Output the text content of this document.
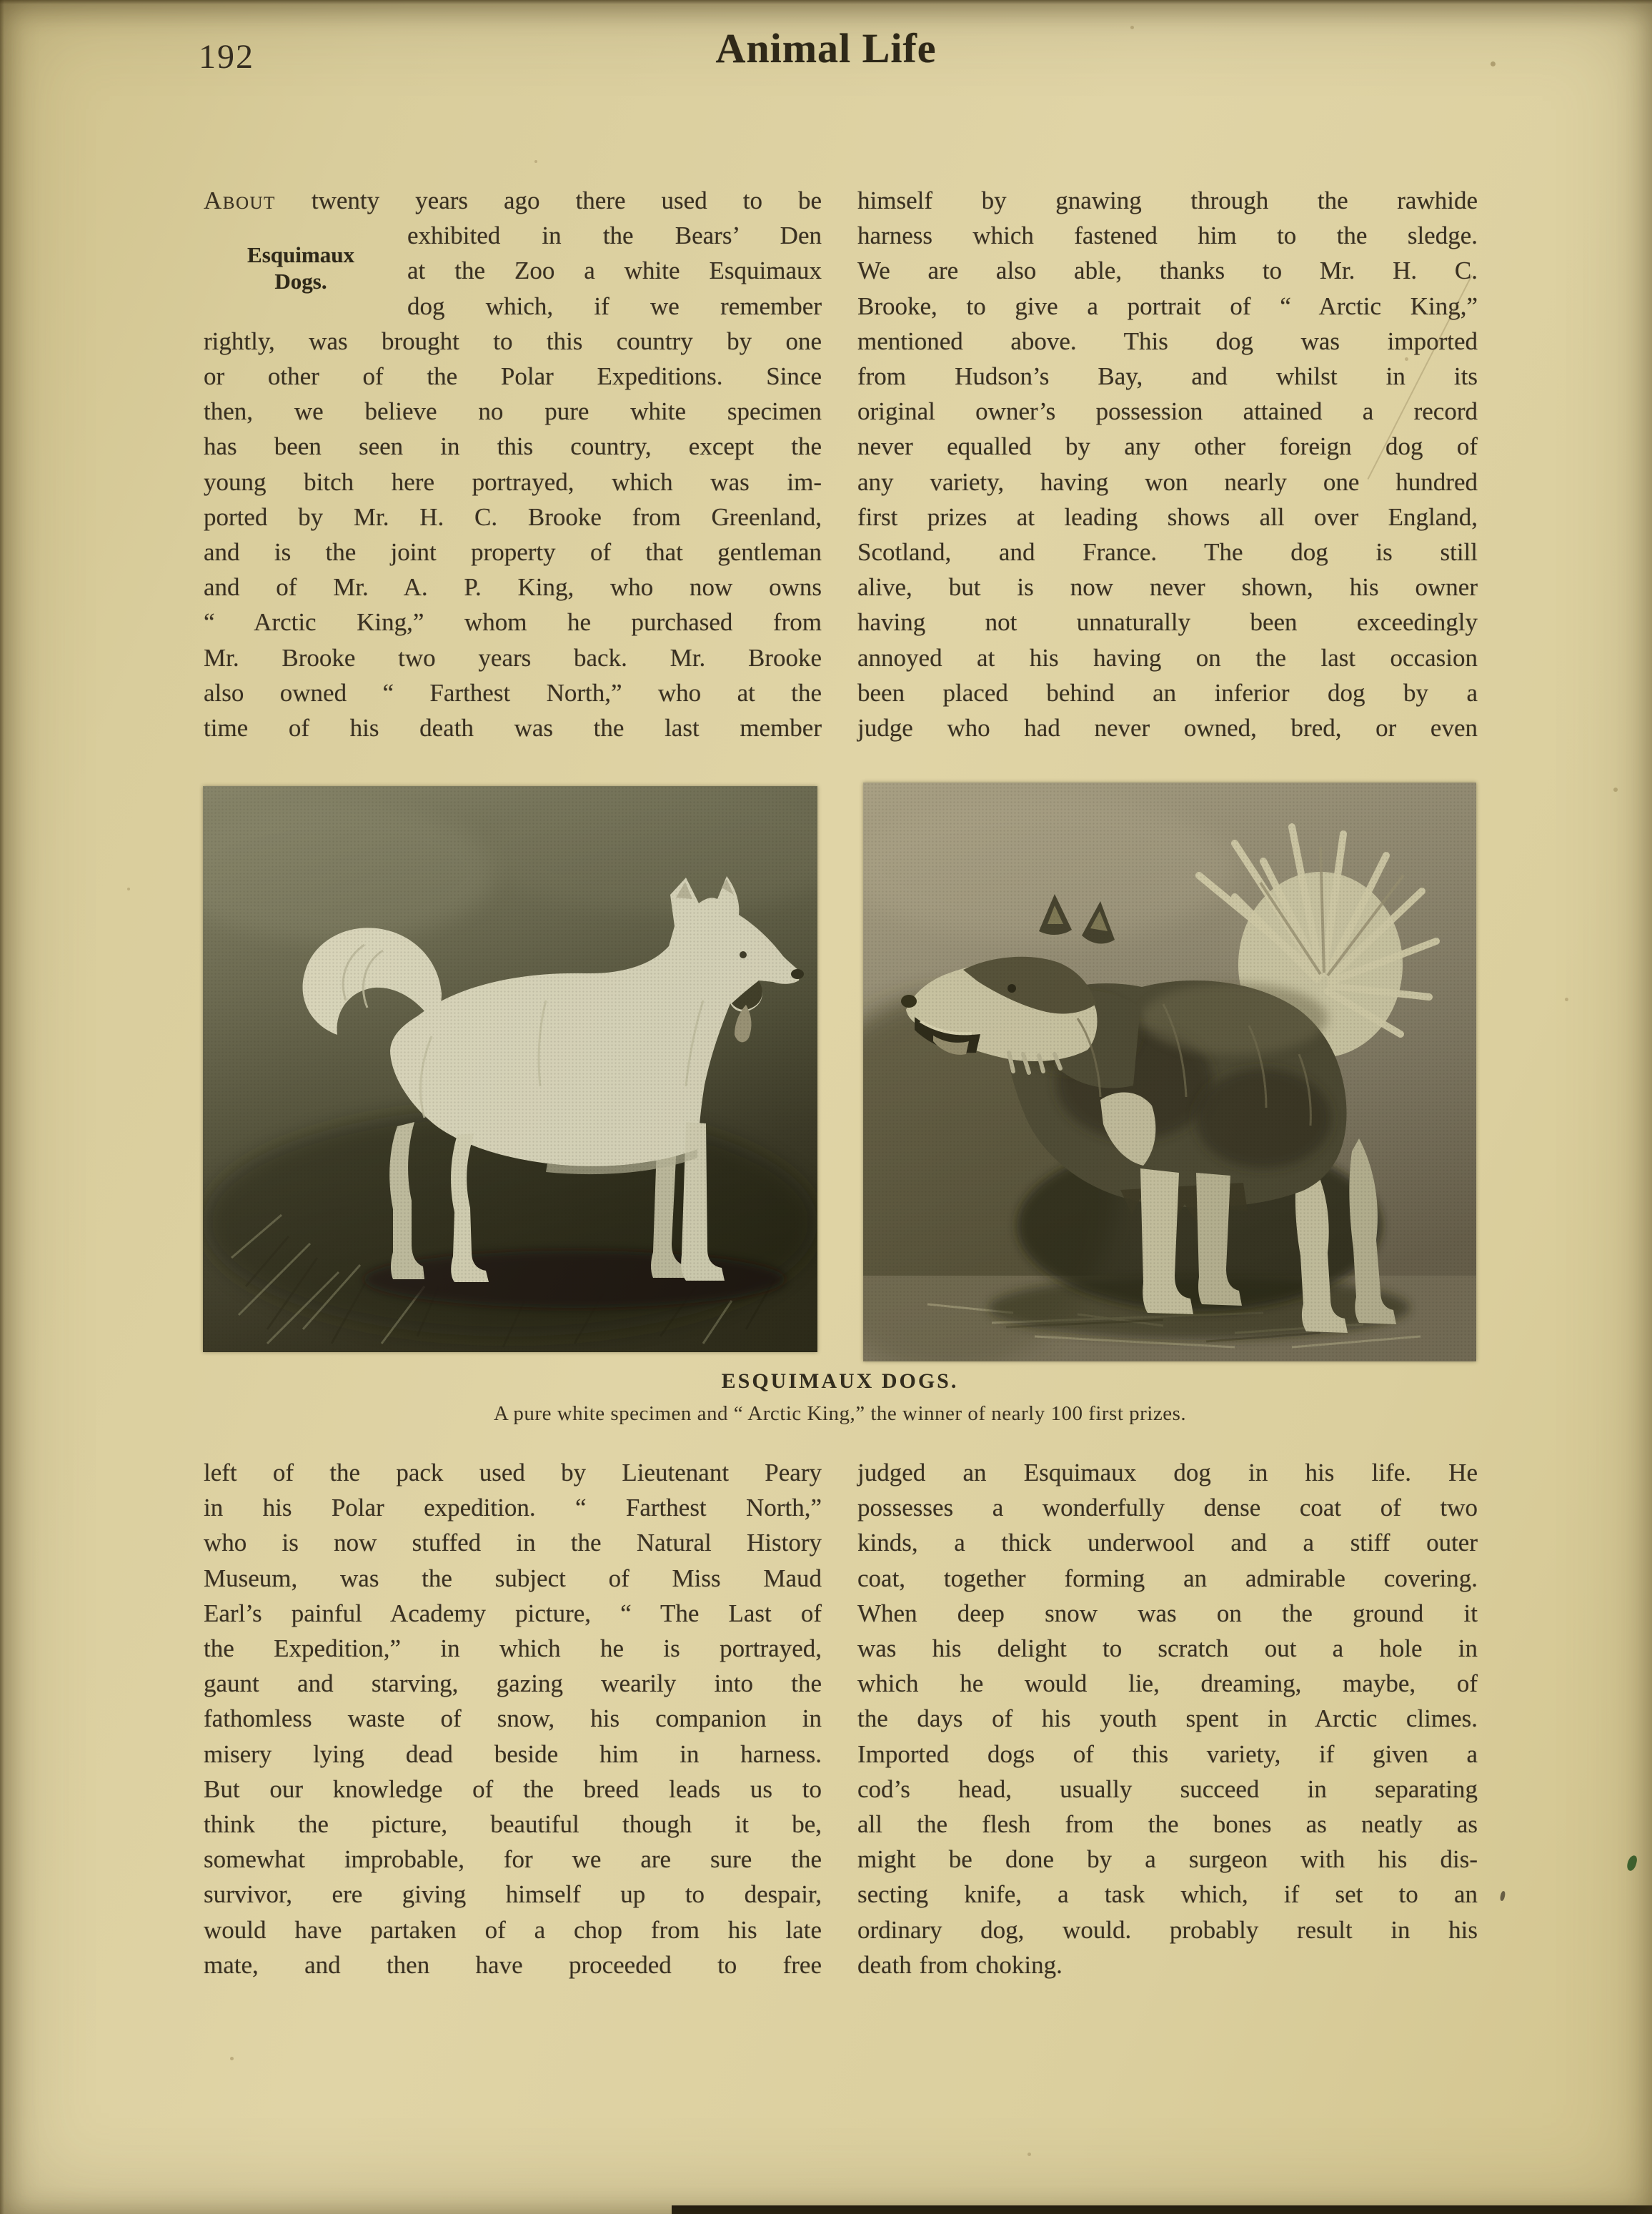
192	Animal Life
About twenty years ago there used to be
Esquimaux
Dogs.
exhibited in the Bears’ Den
at the Zoo a white Esquimaux
dog which, if we remember
rightly, was brought to this country by one
or other of the Polar Expeditions. Since
then, we believe no pure white specimen
has been seen in this country, except the
young bitch here portrayed, which was im-
ported by Mr. H. C. Brooke from Greenland,
and is the joint property of that gentleman
and of Mr. A. P. King, who now owns
“ Arctic King,” whom he purchased from
Mr. Brooke two years back. Mr. Brooke
also owned “ Farthest North,” who at the
time of his death was the last member
himself by gnawing through the rawhide
harness which fastened him to the sledge.
We are also able, thanks to Mr. H. C.
Brooke, to give a portrait of “ Arctic King,”
mentioned above. This dog was imported
from Hudson’s Bay, and whilst in its
original owner’s possession attained a record
never equalled by any other foreign dog of
any variety, having won nearly one hundred
first prizes at leading shows all over England,
Scotland, and France. The dog is still
alive, but is now never shown, his owner
having not unnaturally been exceedingly
annoyed at his having on the last occasion
been placed behind an inferior dog by a
judge who had never owned, bred, or even
ESQUIMAUX DOGS.
A pure white specimen and “ Arctic King,” the winner of nearly 100 first prizes.
left of the pack used by Lieutenant Peary
in his Polar expedition. “ Farthest North,”
who is now stuffed in the Natural History
Museum, was the subject of Miss Maud
Earl’s painful Academy picture, “ The Last of
the Expedition,” in which he is portrayed,
gaunt and starving, gazing wearily into the
fathomless waste of snow, his companion in
misery lying dead beside him in harness.
But our knowledge of the breed leads us to
think the picture, beautiful though it be,
somewhat improbable, for we are sure the
survivor, ere giving himself up to despair,
would have partaken of a chop from his late
mate, and then have proceeded to free
judged an Esquimaux dog in his life. He
possesses a wonderfully dense coat of two
kinds, a thick underwool and a stiff outer
coat, together forming an admirable covering.
When deep snow was on the ground it
was his delight to scratch out a hole in
which he would lie, dreaming, maybe, of
the days of his youth spent in Arctic climes.
Imported dogs of this variety, if given a
cod’s head, usually succeed in separating
all the flesh from the bones as neatly as
might be done by a surgeon with his dis-
secting knife, a task which, if set to an
ordinary dog, would. probably result in his
death from choking.
